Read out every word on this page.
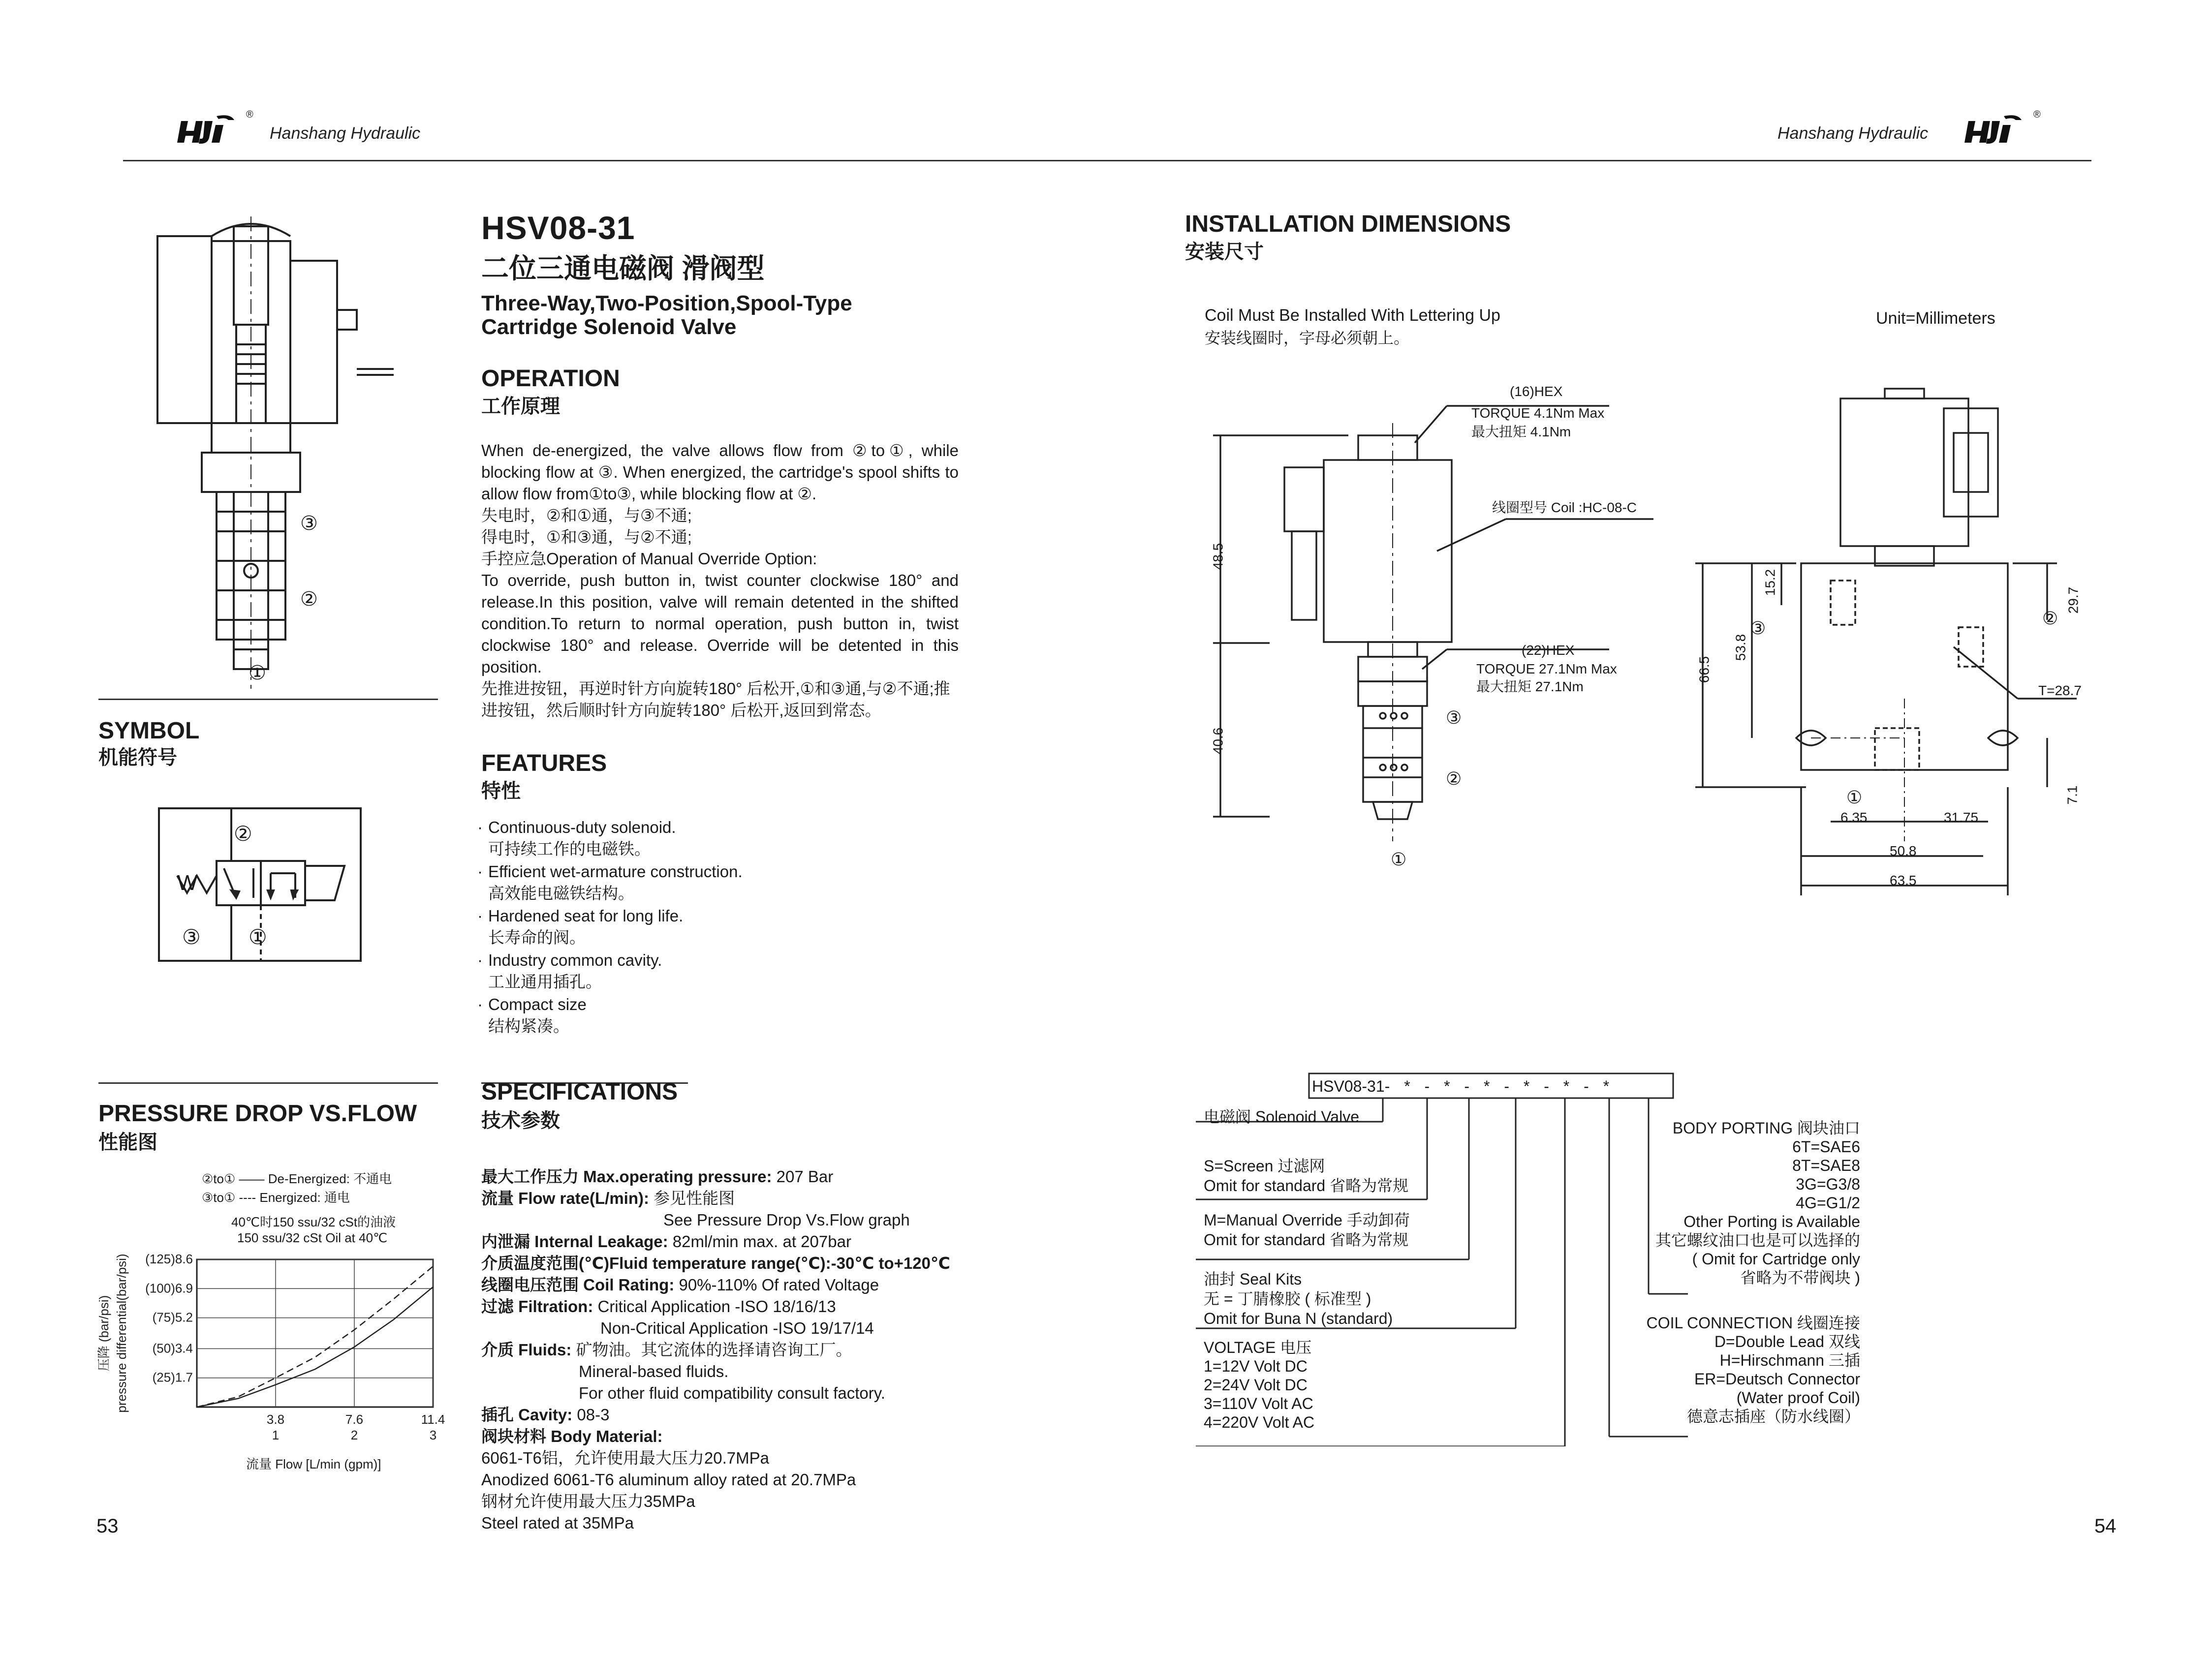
®
Hanshang Hydraulic	Hanshang Hydraulic
®
③
②
①
SYMBOL
机能符号
②
W
③ ①
PRESSURE DROP VS.FLOW
性能图
②to① —— De-Energized: 不通电
③to① ---- Energized: 通电
40℃时150 ssu/32 cSt的油液
150 ssu/32 cSt Oil at 40℃
(125)8.6
(100)6.9
(75)5.2
(50)3.4
(25)1.7
3.8
1
7.6
2
11.4
3
压降 (bar/psi) pressure differential(bar/psi)
流量 Flow [L/min (gpm)]
HSV08-31
二位三通电磁阀 滑阀型
Three-Way,Two-Position,Spool-Type
Cartridge Solenoid Valve
OPERATION
工作原理
When de-energized, the valve allows flow from ②to①, while blocking flow at ③. When energized, the cartridge's spool shifts to allow flow from①to③, while blocking flow at ②.
失电时，②和①通，与③不通;
得电时，①和③通，与②不通;
手控应急Operation of Manual Override Option:
To override, push button in, twist counter clockwise 180° and release.In this position, valve will remain detented in the shifted condition.To return to normal operation, push button in, twist clockwise 180° and release. Override will be detented in this position.
先推进按钮，再逆时针方向旋转180° 后松开,①和③通,与②不通;推进按钮，然后顺时针方向旋转180° 后松开,返回到常态。
FEATURES
特性
· Continuous-duty solenoid.
可持续工作的电磁铁。
· Efficient wet-armature construction.
高效能电磁铁结构。
· Hardened seat for long life.
长寿命的阀。
· Industry common cavity.
工业通用插孔。
· Compact size
结构紧凑。
SPECIFICATIONS
技术参数
最大工作压力 Max.operating pressure: 207 Bar
流量 Flow rate(L/min): 参见性能图
See Pressure Drop Vs.Flow graph
内泄漏 Internal Leakage: 82ml/min max. at 207bar
介质温度范围(℃)Fluid temperature range(℃):-30℃ to+120℃
线圈电压范围 Coil Rating: 90%-110% Of rated Voltage
过滤 Filtration: Critical Application -ISO 18/16/13
Non-Critical Application -ISO 19/17/14
介质 Fluids: 矿物油。其它流体的选择请咨询工厂。
Mineral-based fluids.
For other fluid compatibility consult factory.
插孔 Cavity: 08-3
阀块材料 Body Material:
6061-T6铝，允许使用最大压力20.7MPa
Anodized 6061-T6 aluminum alloy rated at 20.7MPa
钢材允许使用最大压力35MPa
Steel rated at 35MPa
53
INSTALLATION DIMENSIONS
安装尺寸
Coil Must Be Installed With Lettering Up
安装线圈时，字母必须朝上。
Unit=Millimeters
(16)HEX
TORQUE 4.1Nm Max
最大扭矩 4.1Nm
线圈型号 Coil :HC-08-C
(22)HEX
TORQUE 27.1Nm Max
最大扭矩 27.1Nm
48.5
40.6
③
②
①
66.5
53.8
15.2
29.7
7.1
T=28.7
③	②
①
6.35	31.75
50.8
63.5
HSV08-31- * - * - * - * - * - *
电磁阀 Solenoid Valve
S=Screen 过滤网
Omit for standard 省略为常规
M=Manual Override 手动卸荷
Omit for standard 省略为常规
油封 Seal Kits
无 = 丁腈橡胶 ( 标准型 )
Omit for Buna N (standard)
VOLTAGE 电压
1=12V Volt DC
2=24V Volt DC
3=110V Volt AC
4=220V Volt AC
BODY PORTING 阀块油口
6T=SAE6
8T=SAE8
3G=G3/8
4G=G1/2
Other Porting is Available
其它螺纹油口也是可以选择的
( Omit for Cartridge only
省略为不带阀块 )
COIL CONNECTION 线圈连接
D=Double Lead 双线
H=Hirschmann 三插
ER=Deutsch Connector
(Water proof Coil)
德意志插座（防水线圈）
54
